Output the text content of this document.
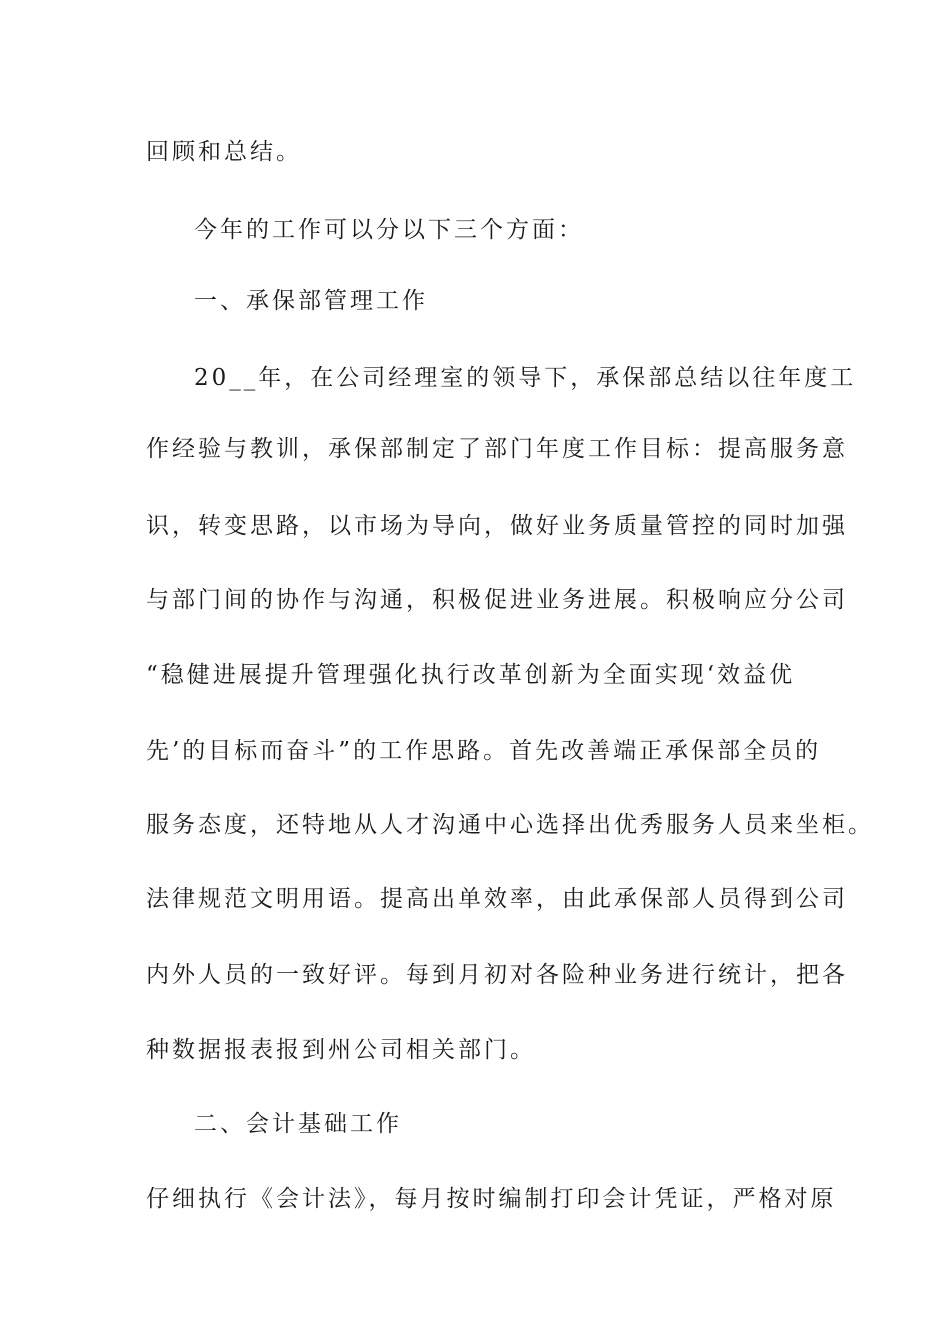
回顾和总结。
今年的工作可以分以下三个方面：
一、承保部管理工作
20__年，在公司经理室的领导下，承保部总结以往年度工
作经验与教训，承保部制定了部门年度工作目标：提高服务意
识，转变思路，以市场为导向，做好业务质量管控的同时加强
与部门间的协作与沟通，积极促进业务进展。积极响应分公司
“稳健进展提升管理强化执行改革创新为全面实现‘效益优
先’的目标而奋斗”的工作思路。首先改善端正承保部全员的
服务态度，还特地从人才沟通中心选择出优秀服务人员来坐柜。
法律规范文明用语。提高出单效率，由此承保部人员得到公司
内外人员的一致好评。每到月初对各险种业务进行统计，把各
种数据报表报到州公司相关部门。
二、会计基础工作
仔细执行《会计法》，每月按时编制打印会计凭证，严格对原
